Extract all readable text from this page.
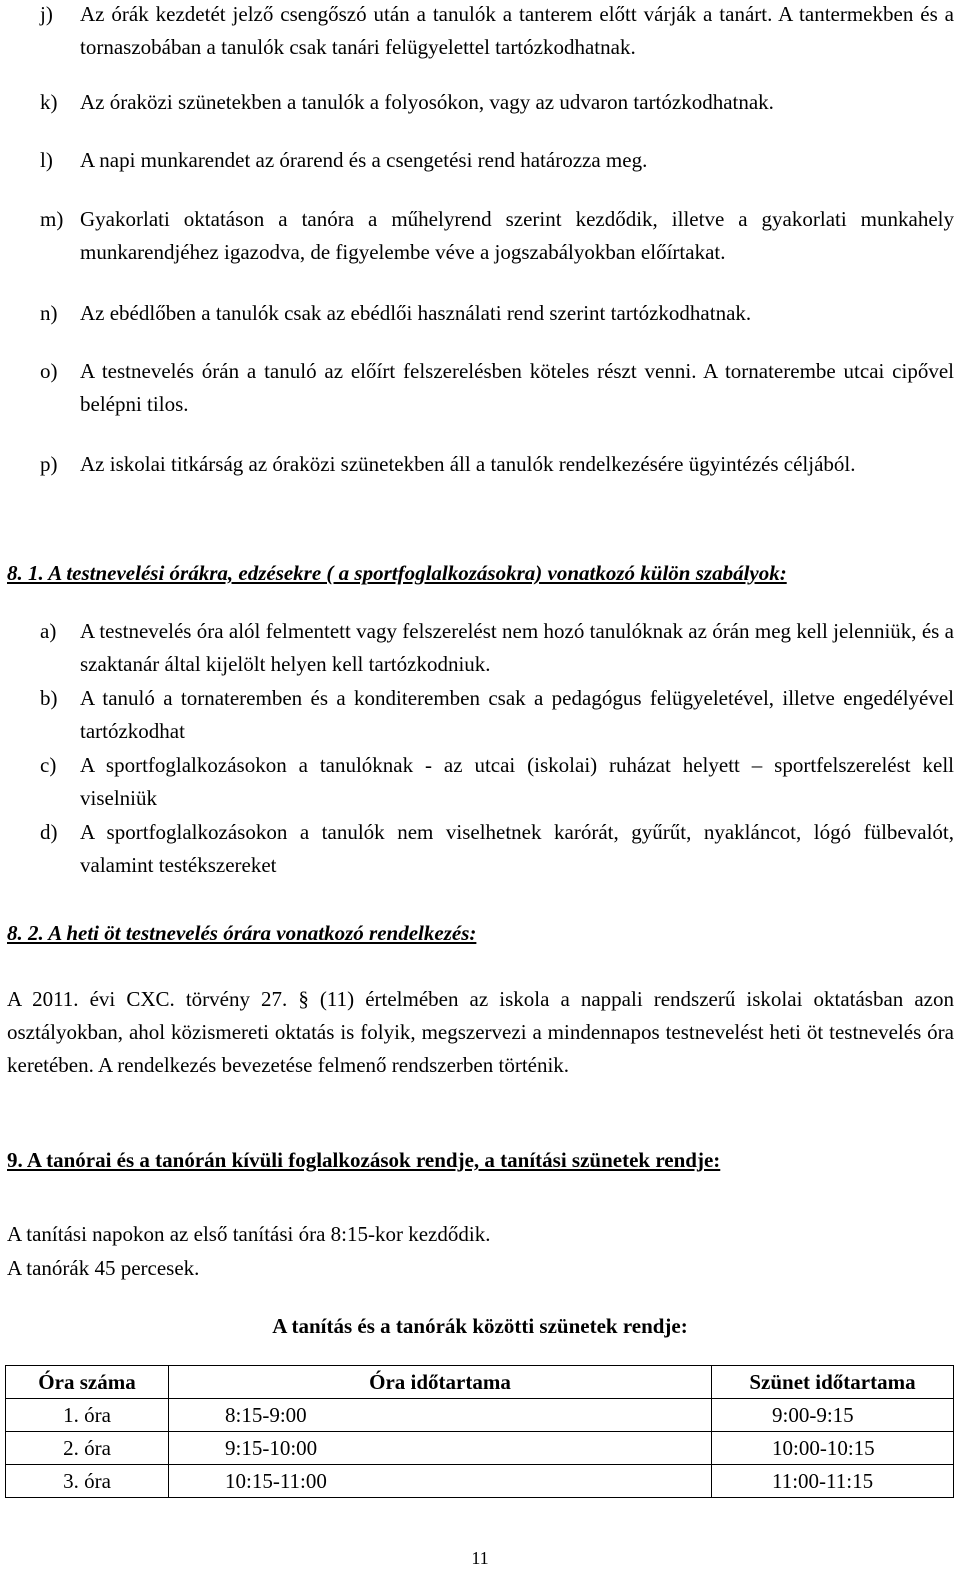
j) Az órák kezdetét jelző csengőszó után a tanulók a tanterem előtt várják a tanárt. A tantermekben és a tornaszobában a tanulók csak tanári felügyelettel tartózkodhatnak.
k) Az óraközi szünetekben a tanulók a folyosókon, vagy az udvaron tartózkodhatnak.
l) A napi munkarendet az órarend és a csengetési rend határozza meg.
m) Gyakorlati oktatáson a tanóra a műhelyrend szerint kezdődik, illetve a gyakorlati munkahely munkarendjéhez igazodva, de figyelembe véve a jogszabályokban előírtakat.
n) Az ebédlőben a tanulók csak az ebédlői használati rend szerint tartózkodhatnak.
o) A testnevelés órán a tanuló az előírt felszerelésben köteles részt venni. A tornaterembe utcai cipővel belépni tilos.
p) Az iskolai titkárság az óraközi szünetekben áll a tanulók rendelkezésére ügyintézés céljából.
8. 1. A testnevelési órákra, edzésekre ( a sportfoglalkozásokra) vonatkozó külön szabályok:
a) A testnevelés óra alól felmentett vagy felszerelést nem hozó tanulóknak az órán meg kell jelenniük, és a szaktanár által kijelölt helyen kell tartózkodniuk.
b) A tanuló a tornateremben és a konditeremben csak a pedagógus felügyeletével, illetve engedélyével tartózkodhat
c) A sportfoglalkozásokon a tanulóknak - az utcai (iskolai) ruházat helyett – sportfelszerelést kell viselniük
d) A sportfoglalkozásokon a tanulók nem viselhetnek karórát, gyűrűt, nyakláncot, lógó fülbevalót, valamint testékszereket
8. 2. A heti öt testnevelés órára vonatkozó rendelkezés:
A 2011. évi CXC. törvény 27. § (11) értelmében az iskola a nappali rendszerű iskolai oktatásban azon osztályokban, ahol közismereti oktatás is folyik, megszervezi a mindennapos testnevelést heti öt testnevelés óra keretében. A rendelkezés bevezetése felmenő rendszerben történik.
9. A tanórai és a tanórán kívüli foglalkozások rendje, a tanítási szünetek rendje:
A tanítási napokon az első tanítási óra 8:15-kor kezdődik.
A tanórák 45 percesek.
A tanítás és a tanórák közötti szünetek rendje:
Óra száma	Óra időtartama	Szünet időtartama
1. óra	8:15-9:00	9:00-9:15
2. óra	9:15-10:00	10:00-10:15
3. óra	10:15-11:00	11:00-11:15
11
